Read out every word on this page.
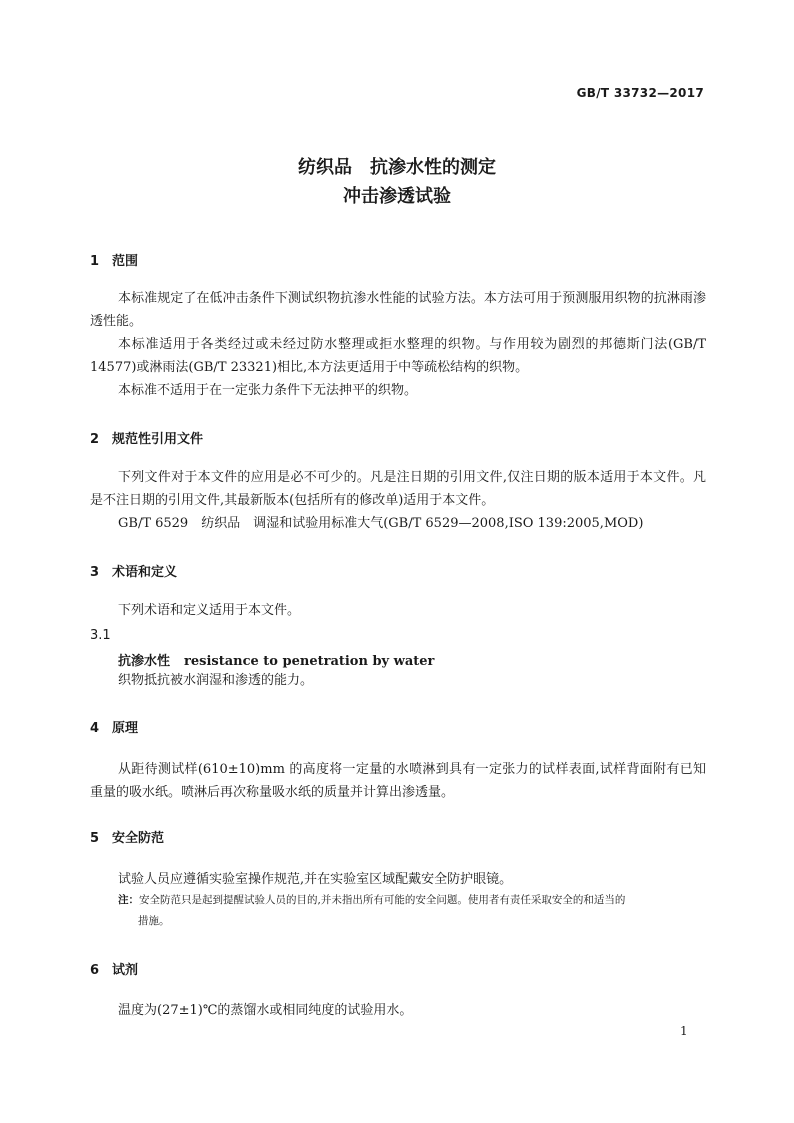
GB/T 33732—2017
纺织品　抗渗水性的测定
冲击渗透试验
1 范围
本标准规定了在低冲击条件下测试织物抗渗水性能的试验方法。本方法可用于预测服用织物的抗淋雨渗透性能。
本标准适用于各类经过或未经过防水整理或拒水整理的织物。与作用较为剧烈的邦德斯门法(GB/T 14577)或淋雨法(GB/T 23321)相比,本方法更适用于中等疏松结构的织物。
本标准不适用于在一定张力条件下无法抻平的织物。
2 规范性引用文件
下列文件对于本文件的应用是必不可少的。凡是注日期的引用文件,仅注日期的版本适用于本文件。凡是不注日期的引用文件,其最新版本(包括所有的修改单)适用于本文件。
GB/T 6529　纺织品　调湿和试验用标准大气(GB/T 6529—2008,ISO 139:2005,MOD)
3 术语和定义
下列术语和定义适用于本文件。
3.1
抗渗水性 resistance to penetration by water
织物抵抗被水润湿和渗透的能力。
4 原理
从距待测试样(610±10)mm 的高度将一定量的水喷淋到具有一定张力的试样表面,试样背面附有已知重量的吸水纸。喷淋后再次称量吸水纸的质量并计算出渗透量。
5 安全防范
试验人员应遵循实验室操作规范,并在实验室区域配戴安全防护眼镜。
注：安全防范只是起到提醒试验人员的目的,并未指出所有可能的安全问题。使用者有责任采取安全的和适当的
措施。
6 试剂
温度为(27±1)℃的蒸馏水或相同纯度的试验用水。
1
